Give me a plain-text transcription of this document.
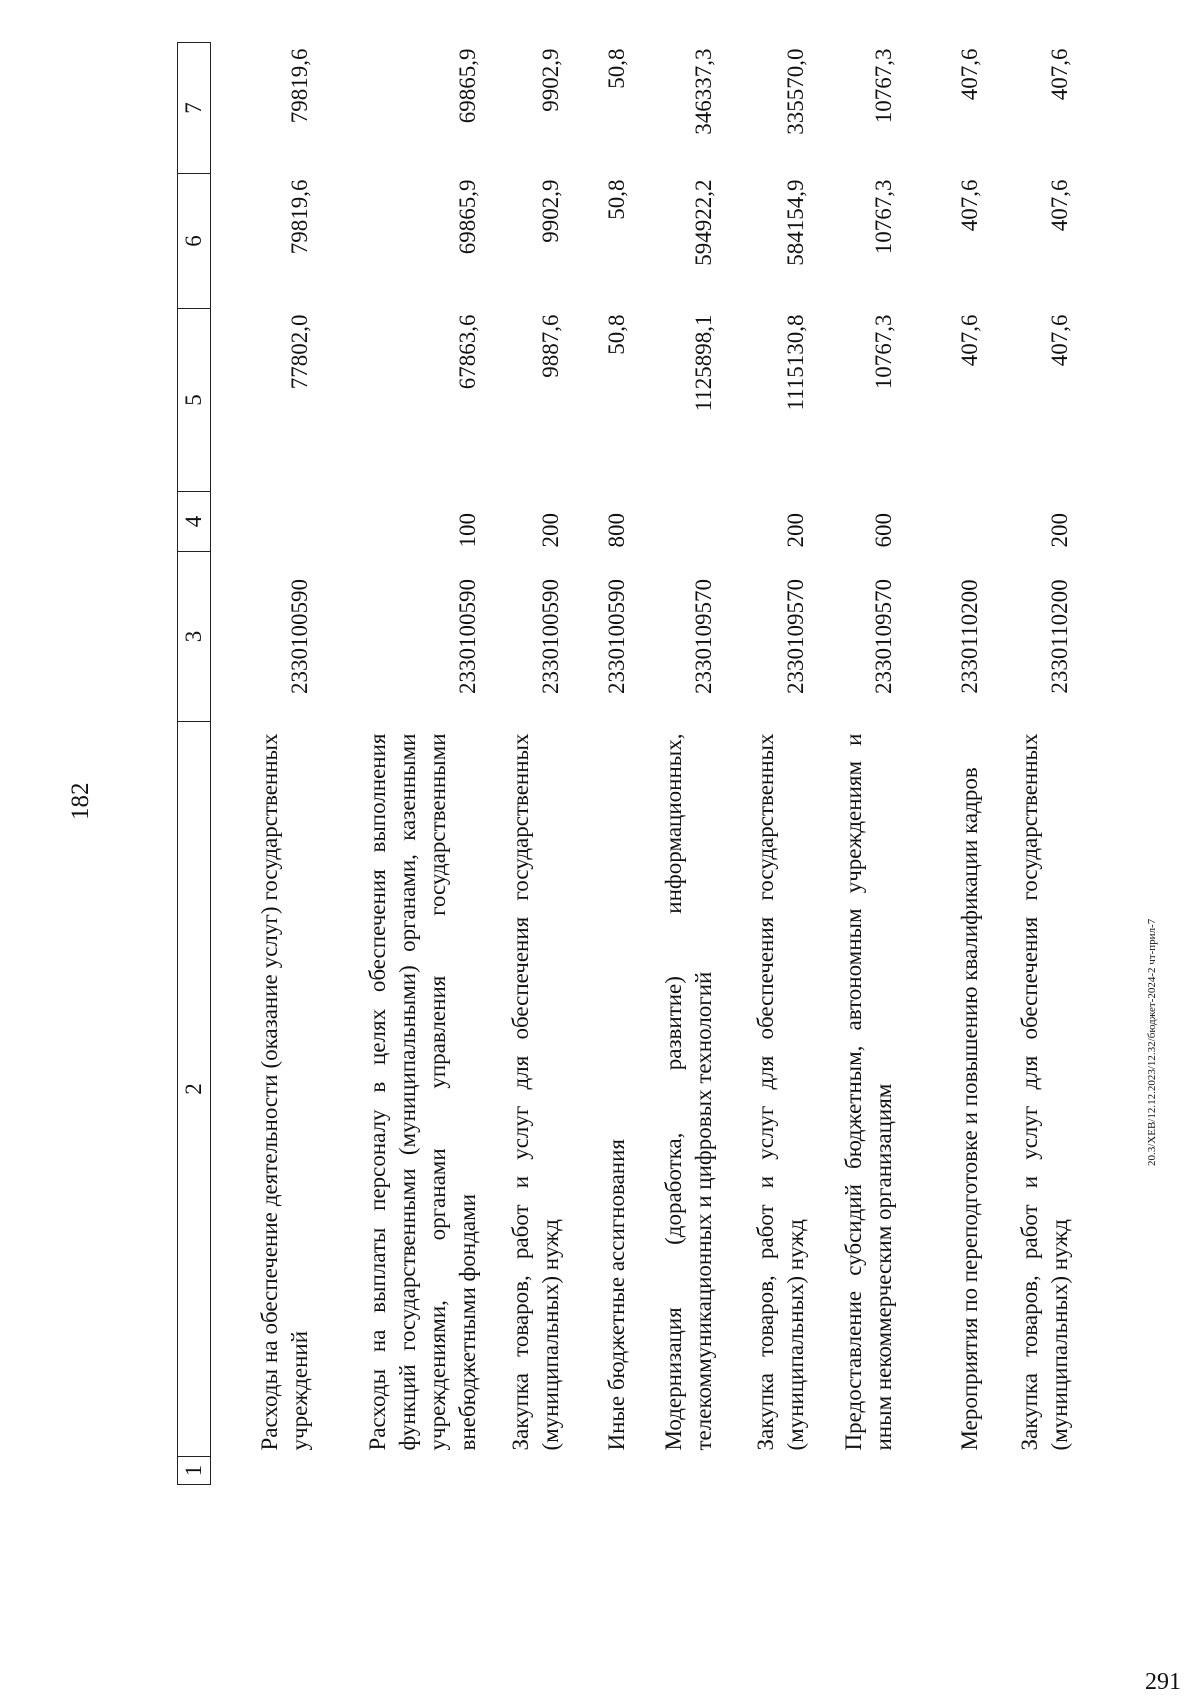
182
1	2	3	4	5	6	7
	Расходы на обеспечение деятельности (оказание услуг) государственных учреждений	2330100590		77802,0	79819,6	79819,6
	Расходы на выплаты персоналу в целях обеспечения выполнения функций государственными (муниципальными) органами, казенными учреждениями, органами управления государственными внебюджетными фондами	2330100590	100	67863,6	69865,9	69865,9
	Закупка товаров, работ и услуг для обеспечения государственных (муниципальных) нужд	2330100590	200	9887,6	9902,9	9902,9
	Иные бюджетные ассигнования	2330100590	800	50,8	50,8	50,8
	Модернизация (доработка, развитие) информационных, телекоммуникационных и цифровых технологий	2330109570		1125898,1	594922,2	346337,3
	Закупка товаров, работ и услуг для обеспечения государственных (муниципальных) нужд	2330109570	200	1115130,8	584154,9	335570,0
	Предоставление субсидий бюджетным, автономным учреждениям и иным некоммерческим организациям	2330109570	600	10767,3	10767,3	10767,3
	Мероприятия по переподготовке и повышению квалификации кадров	2330110200		407,6	407,6	407,6
	Закупка товаров, работ и услуг для обеспечения государственных (муниципальных) нужд	2330110200	200	407,6	407,6	407,6
20.3/XEB/12.12.2023/12.32/бюджет-2024-2 чт-прил-7
291
